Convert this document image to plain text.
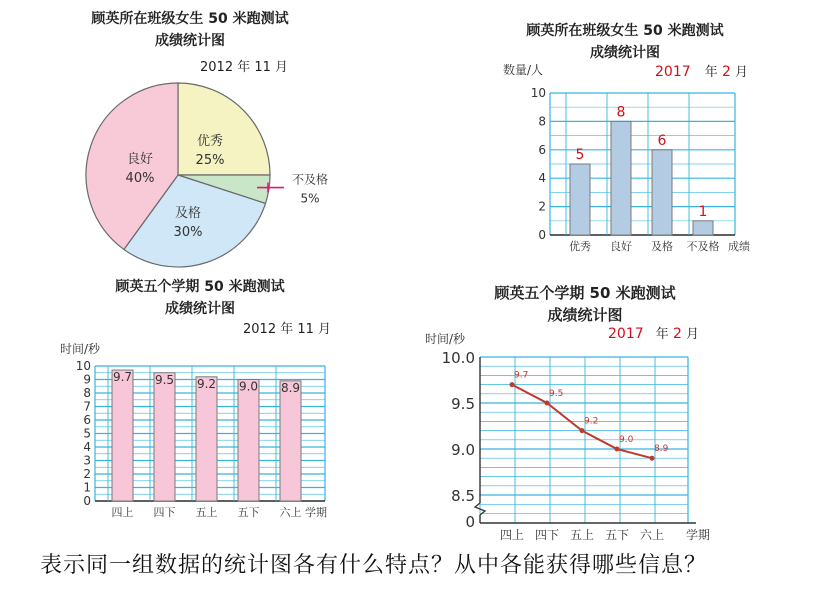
顾英所在班级女生 50 米跑测试
成绩统计图
2012 年 11 月
优秀
25%
不及格
5%
及格
30%
良好
40%
顾英所在班级女生 50 米跑测试
成绩统计图
2017 年 2 月
0
2
4
6
8
10
优秀
5
良好
8
及格
6
不及格
1
数量/人
成绩
顾英五个学期 50 米跑测试
成绩统计图
2012 年 11 月
0
1
2
3
4
5
6
7
8
9
10
四上
9.7
四下
9.5
五上
9.2
五下
9.0
六上
8.9
时间/秒
学期
顾英五个学期 50 米跑测试
成绩统计图
2017 年 2 月
8.5
9.0
9.5
10.0
0
时间/秒
9.7
四上
9.5
四下
9.2
五上
9.0
五下
8.9
六上 学期
表示同一组数据的统计图各有什么特点？从中各能获得哪些信息？
